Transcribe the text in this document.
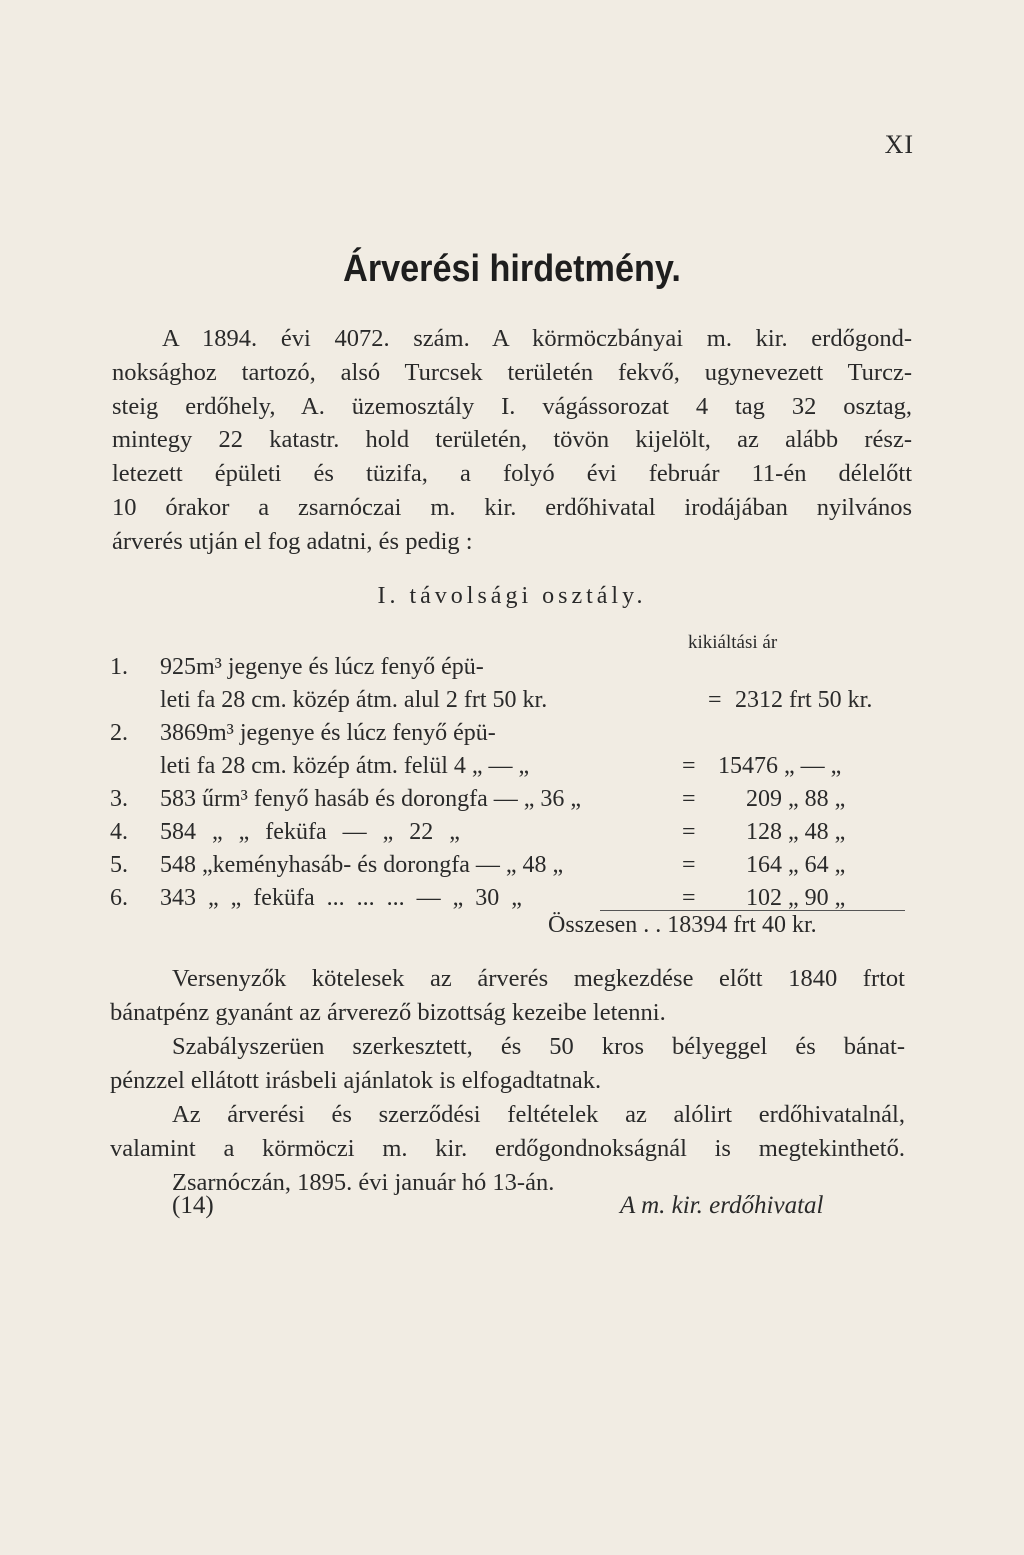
XI
Árverési hirdetmény.
A 1894. évi 4072. szám. A körmöczbányai m. kir. erdőgond-
noksághoz tartozó, alsó Turcsek területén fekvő, ugynevezett Turcz-
steig erdőhely, A. üzemosztály I. vágássorozat 4 tag 32 osztag,
mintegy 22 katastr. hold területén, tövön kijelölt, az alább rész-
letezett épületi és tüzifa, a folyó évi február 11-én délelőtt
10 órakor a zsarnóczai m. kir. erdőhivatal irodájában nyilvános
árverés utján el fog adatni, és pedig :
I. távolsági osztály.
kikiáltási ár
1.	925m³ jegenye és lúcz fenyő épü-
leti fa 28 cm. közép átm. alul 2 frt 50 kr.	= 2312 frt 50 kr.
2.	3869m³ jegenye és lúcz fenyő épü-
leti fa 28 cm. közép átm. felül 4 „ — „	= 15476 „ — „
3.	583 űrm³ fenyő hasáb és dorongfa — „ 36 „	= 209 „ 88 „
4.	584 „ „ feküfa — „ 22 „	= 128 „ 48 „
5.	548 „keményhasáb- és dorongfa — „ 48 „	= 164 „ 64 „
6.	343 „ „ feküfa ... ... ... — „ 30 „	= 102 „ 90 „
Összesen . . 18394 frt 40 kr.
Versenyzők kötelesek az árverés megkezdése előtt 1840 frtot
bánatpénz gyanánt az árverező bizottság kezeibe letenni.
Szabályszerüen szerkesztett, és 50 kros bélyeggel és bánat-
pénzzel ellátott irásbeli ajánlatok is elfogadtatnak.
Az árverési és szerződési feltételek az alólirt erdőhivatalnál,
valamint a körmöczi m. kir. erdőgondnokságnál is megtekinthető.
Zsarnóczán, 1895. évi január hó 13-án.
(14)	A m. kir. erdőhivatal
